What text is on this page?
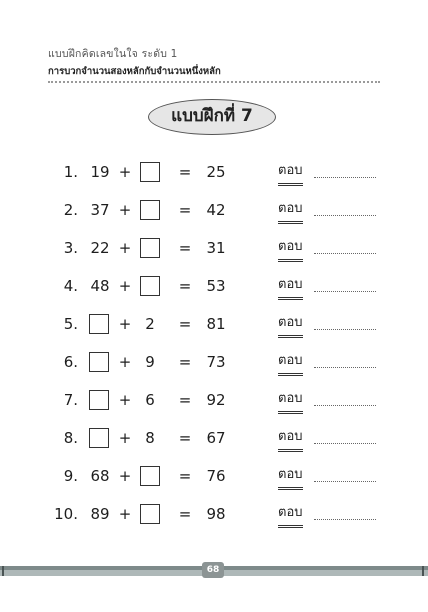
แบบฝึกคิดเลขในใจ ระดับ 1
การบวกจำนวนสองหลักกับจำนวนหนึ่งหลัก
แบบฝึกที่ 7
1. 19 +	= 25	ตอบ
2. 37 +	= 42	ตอบ
3. 22 +	= 31	ตอบ
4. 48 +	= 53	ตอบ
5.	+ 2	= 81	ตอบ
6.	+ 9	= 73	ตอบ
7.	+ 6	= 92	ตอบ
8.	+ 8	= 67	ตอบ
9. 68 +	= 76	ตอบ
10. 89 +	= 98	ตอบ
68
